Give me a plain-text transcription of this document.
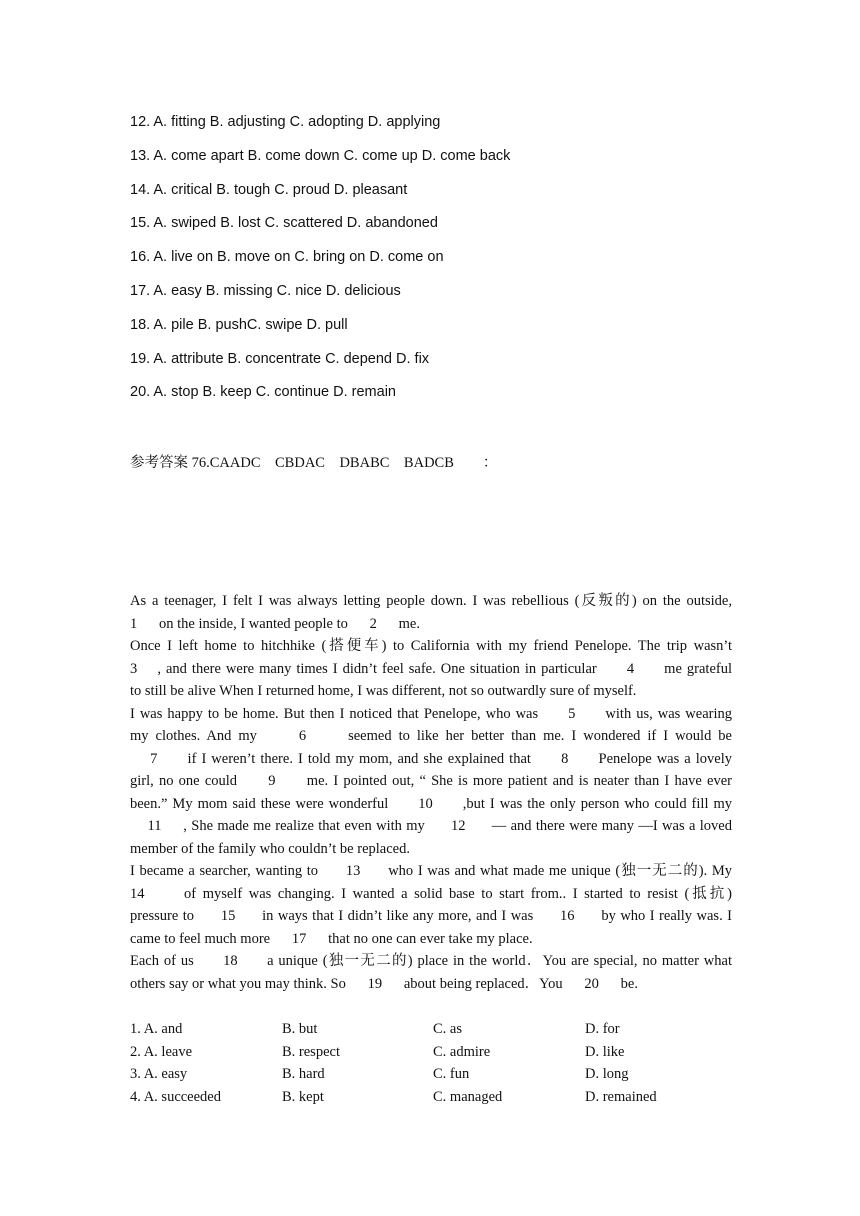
12. A. fitting B. adjusting C. adopting D. applying
13. A. come apart B. come down C. come up D. come back
14. A. critical B. tough C. proud D. pleasant
15. A. swiped B. lost C. scattered D. abandoned
16. A. live on B. move on C. bring on D. come on
17. A. easy B. missing C. nice D. delicious
18. A. pile B. pushC. swipe D. pull
19. A. attribute B. concentrate C. depend D. fix
20. A. stop B. keep C. continue D. remain
参考答案 76.CAADC    CBDAC    DBABC    BADCB        ：
As a teenager, I felt I was always letting people down. I was rebellious (反叛的) on the outside,
1      on the inside, I wanted people to      2      me.
Once I left home to hitchhike (搭便车) to California with my friend Penelope. The trip wasn’t
3    , and there were many times I didn’t feel safe. One situation in particular      4      me grateful
to still be alive When I returned home, I was different, not so outwardly sure of myself.
I was happy to be home. But then I noticed that Penelope, who was      5      with us, was wearing
my clothes. And my      6      seemed to like her better than me. I wondered if I would be
7      if I weren’t there. I told my mom, and she explained that      8      Penelope was a lovely
girl, no one could      9      me. I pointed out, “ She is more patient and is neater than I have ever
been.” My mom said these were wonderful      10      ,but I was the only person who could fill my
11     , She made me realize that even with my      12      — and there were many —I was a loved
member of the family who couldn’t be replaced.
I became a searcher, wanting to      13      who I was and what made me unique (独一无二的). My
14      of myself was changing. I wanted a solid base to start from.. I started to resist (抵抗)
pressure to      15      in ways that I didn’t like any more, and I was      16      by who I really was. I
came to feel much more      17      that no one can ever take my place.
Each of us      18      a unique (独一无二的) place in the world．You are special, no matter what
others say or what you may think. So      19      about being replaced．You      20      be.
1. A. and	B. but	C. as	D. for
2. A. leave	B. respect	C. admire	D. like
3. A. easy	B. hard	C. fun	D. long
4. A. succeeded	B. kept	C. managed	D. remained
